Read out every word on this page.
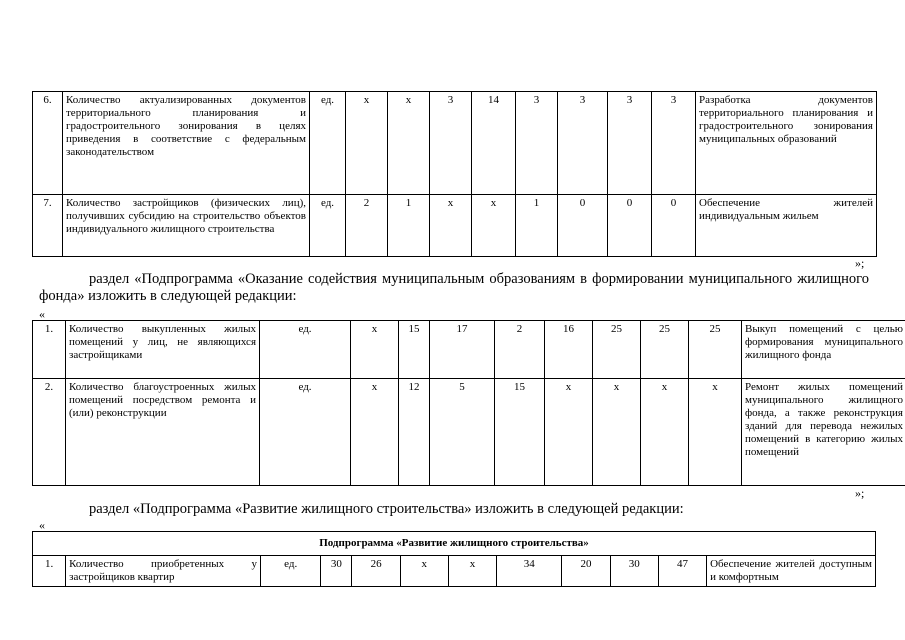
6.	Количество актуализированных документов территориального планирования и градостроительного зонирования в целях приведения в соответствие с федеральным законодательством	ед.	х	х	3	14	3	3	3	3	Разработка документов территориального планирования и градостроительного зонирования муниципальных образований
7.	Количество застройщиков (физических лиц), получивших субсидию на строительство объектов индивидуального жилищного строительства	ед.	2	1	х	х	1	0	0	0	Обеспечение жителей индивидуальным жильем
»;
раздел «Подпрограмма «Оказание содействия муниципальным образованиям в формировании муниципального жилищного фонда» изложить в следующей редакции:
«
1.	Количество выкупленных жилых помещений у лиц, не являющихся застройщиками	ед.	х	15	17	2	16	25	25	25	Выкуп помещений с целью формирования муниципального жилищного фонда
2.	Количество благоустроенных жилых помещений посредством ремонта и (или) реконструкции	ед.	х	12	5	15	х	х	х	х	Ремонт жилых помещений муниципального жилищного фонда, а также реконструкция зданий для перевода нежилых помещений в категорию жилых помещений
»;
раздел «Подпрограмма «Развитие жилищного строительства» изложить в следующей редакции:
«
Подпрограмма «Развитие жилищного строительства»
1.	Количество приобретенных у застройщиков квартир	ед.	30	26	х	х	34	20	30	47	Обеспечение жителей доступным и комфортным
